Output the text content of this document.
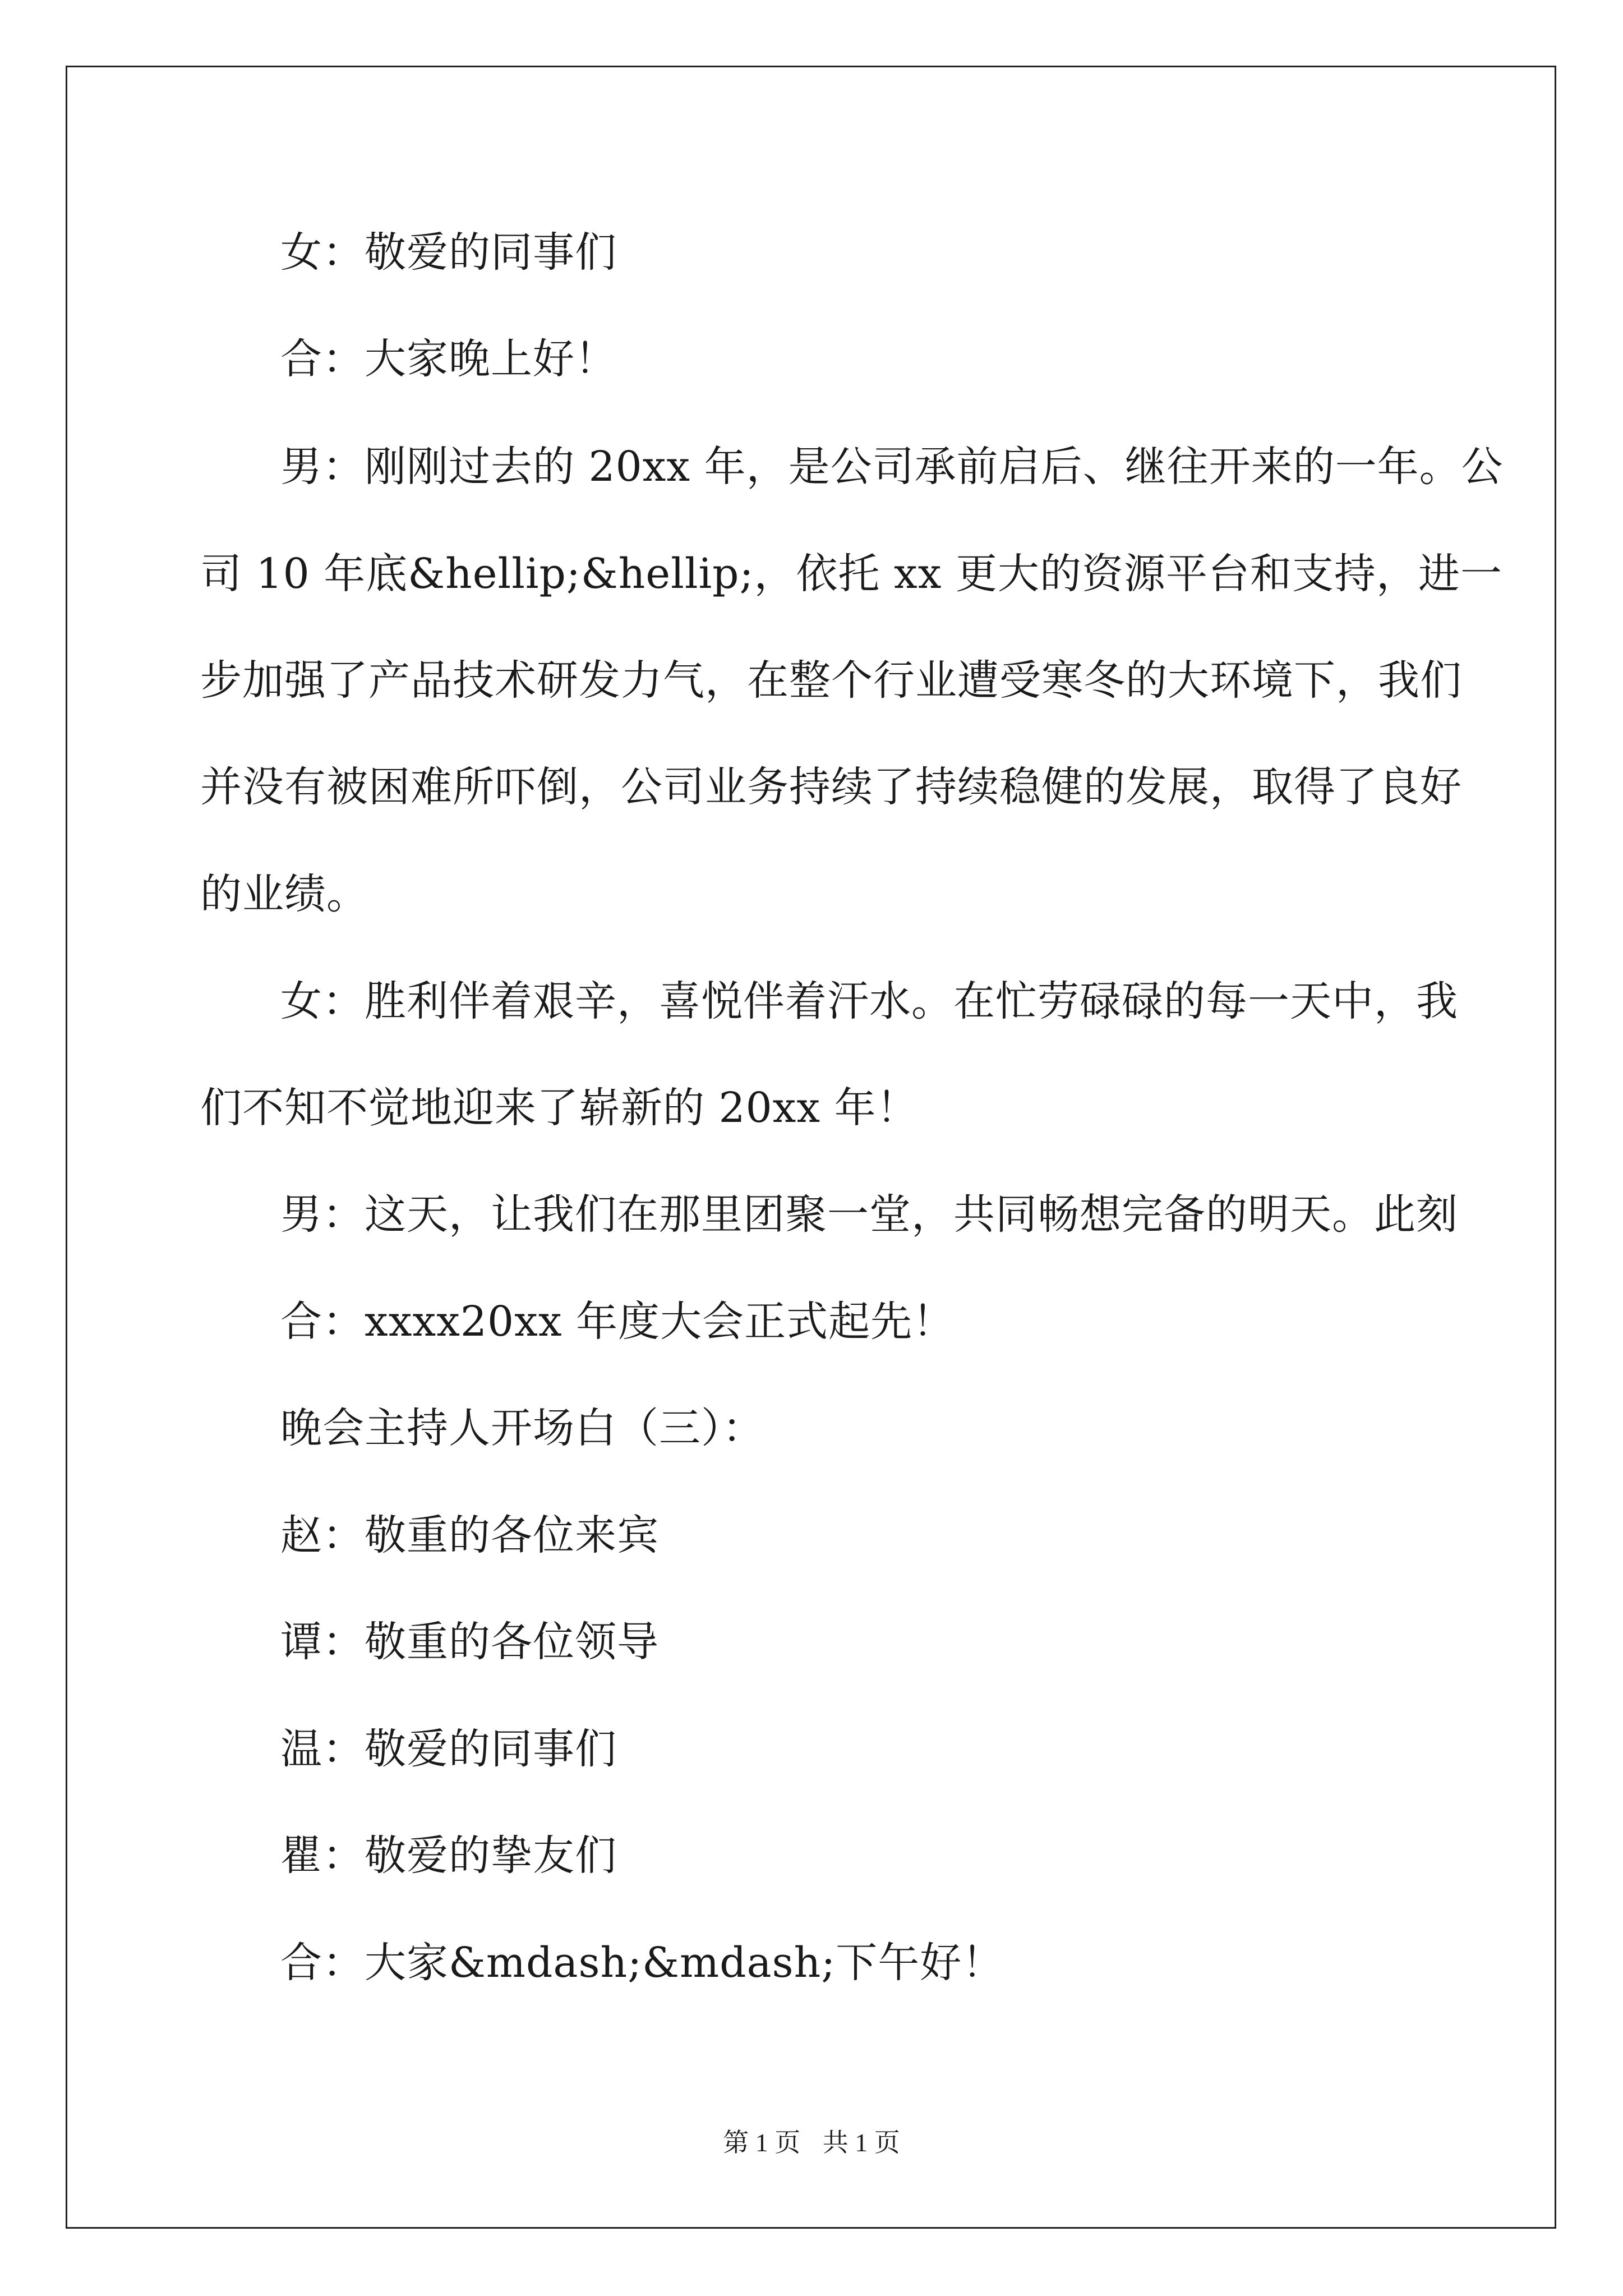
女：敬爱的同事们
合：大家晚上好！
男：刚刚过去的 20xx 年，是公司承前启后、继往开来的一年。公
司 10 年底&hellip;&hellip;，依托 xx 更大的资源平台和支持，进一
步加强了产品技术研发力气，在整个行业遭受寒冬的大环境下，我们
并没有被困难所吓倒，公司业务持续了持续稳健的发展，取得了良好
的业绩。
女：胜利伴着艰辛，喜悦伴着汗水。在忙劳碌碌的每一天中，我
们不知不觉地迎来了崭新的 20xx 年！
男：这天，让我们在那里团聚一堂，共同畅想完备的明天。此刻
合：xxxx20xx 年度大会正式起先！
晚会主持人开场白（三）：
赵：敬重的各位来宾
谭：敬重的各位领导
温：敬爱的同事们
瞿：敬爱的挚友们
合：大家&mdash;&mdash;下午好！
第 1 页 共 1 页
